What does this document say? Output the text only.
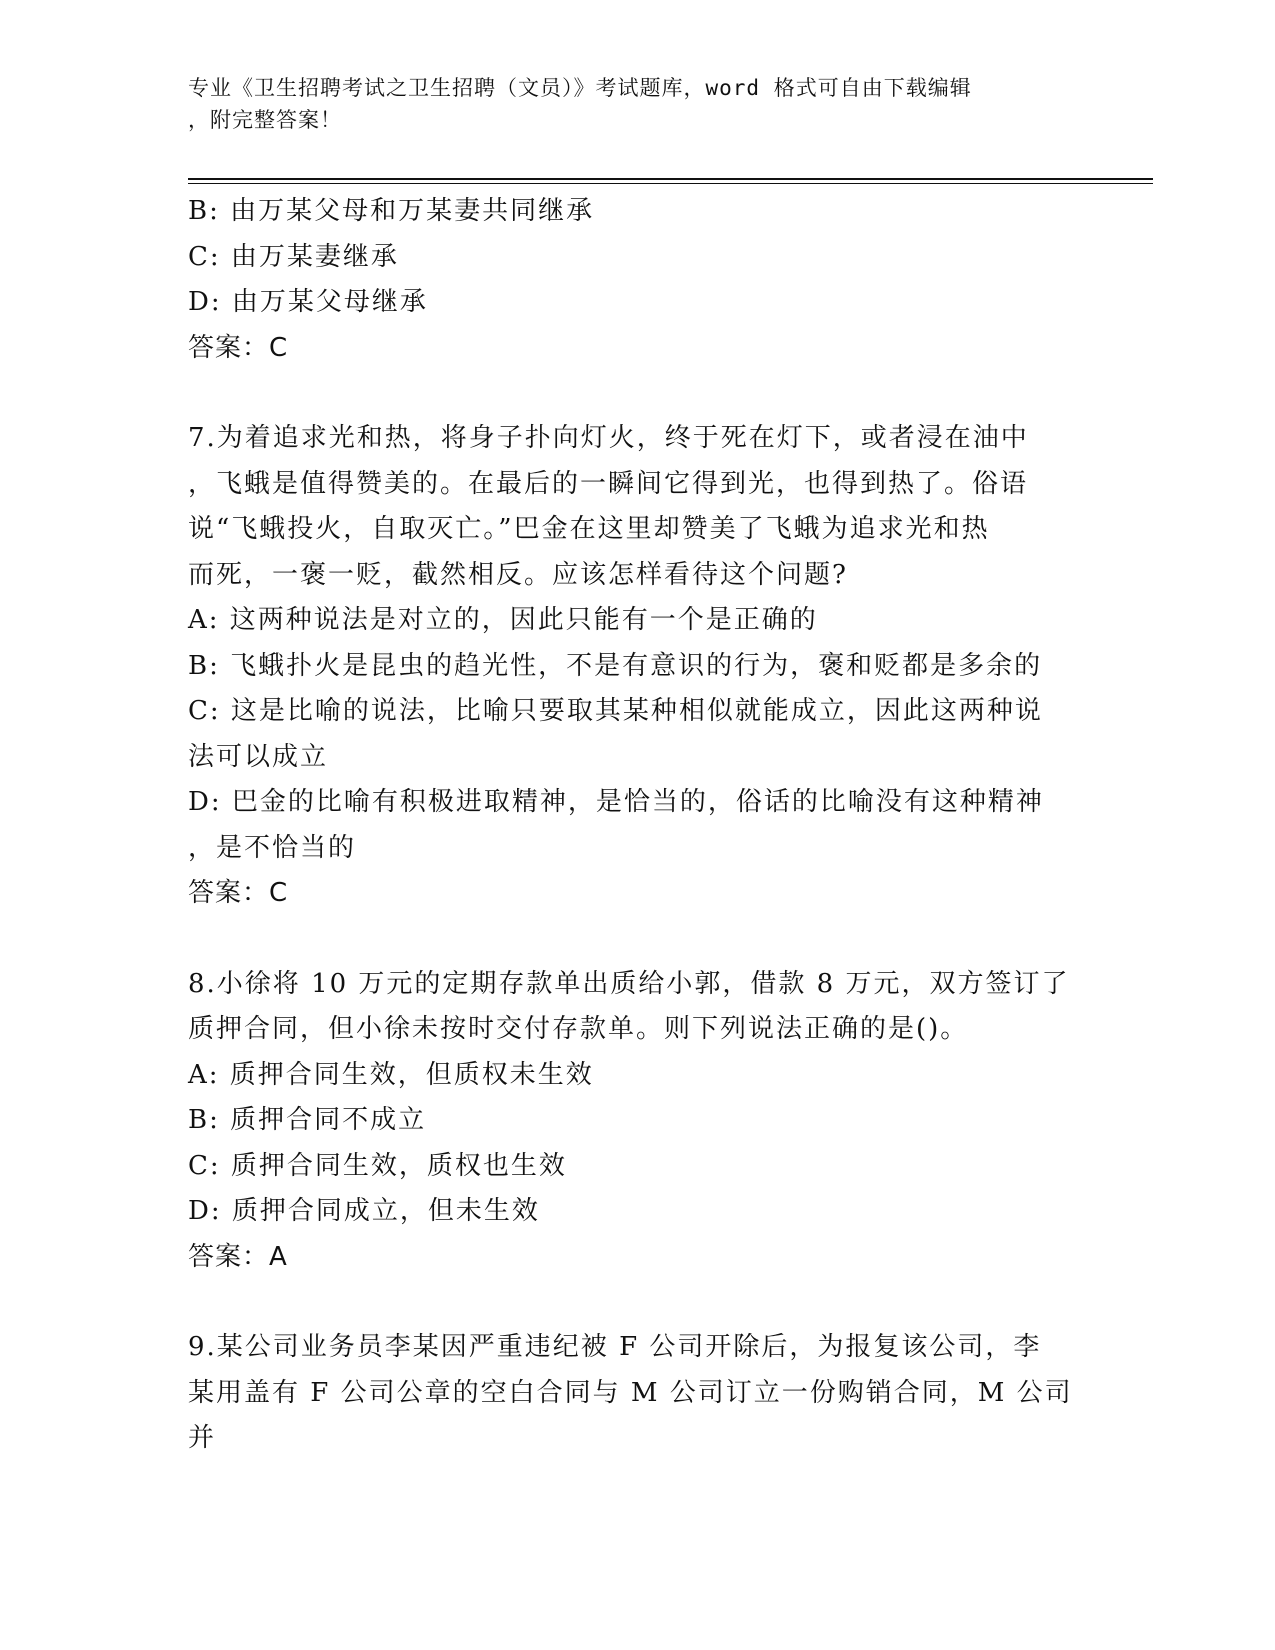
专业《卫生招聘考试之卫生招聘（文员）》考试题库，word 格式可自由下载编辑
，附完整答案！

B: 由万某父母和万某妻共同继承

C: 由万某妻继承

D: 由万某父母继承

答案：C

7.为着追求光和热，将身子扑向灯火，终于死在灯下，或者浸在油中

，飞蛾是值得赞美的。在最后的一瞬间它得到光，也得到热了。俗语

说“飞蛾投火，自取灭亡。”巴金在这里却赞美了飞蛾为追求光和热

而死，一褒一贬，截然相反。应该怎样看待这个问题?

A: 这两种说法是对立的，因此只能有一个是正确的

B: 飞蛾扑火是昆虫的趋光性，不是有意识的行为，褒和贬都是多余的

C: 这是比喻的说法，比喻只要取其某种相似就能成立，因此这两种说

法可以成立

D: 巴金的比喻有积极进取精神，是恰当的，俗话的比喻没有这种精神

，是不恰当的

答案：C

8.小徐将 10 万元的定期存款单出质给小郭，借款 8 万元，双方签订了

质押合同，但小徐未按时交付存款单。则下列说法正确的是()。

A: 质押合同生效，但质权未生效

B: 质押合同不成立

C: 质押合同生效，质权也生效

D: 质押合同成立，但未生效

答案：A

9.某公司业务员李某因严重违纪被 F 公司开除后，为报复该公司，李

某用盖有 F 公司公章的空白合同与 M 公司订立一份购销合同，M 公司并
